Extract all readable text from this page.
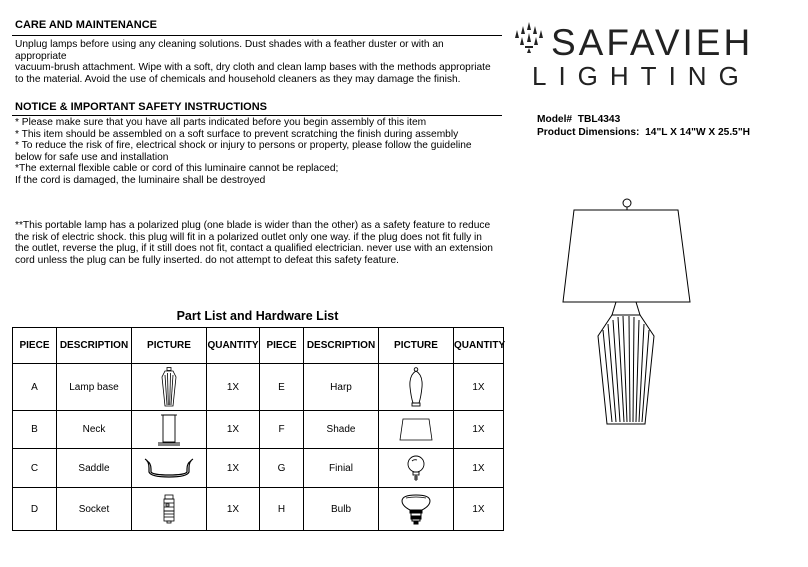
CARE AND MAINTENANCE
Unplug lamps before using any cleaning solutions. Dust shades with a feather duster or with an
appropriate
vacuum-brush attachment. Wipe with a soft, dry cloth and clean lamp bases with the methods appropriate
to the material. Avoid the use of chemicals and household cleaners as they may damage the finish.
NOTICE & IMPORTANT SAFETY INSTRUCTIONS
* Please make sure that you have all parts indicated before you begin assembly of this item
* This item should be assembled on a soft surface to prevent scratching the finish during assembly
* To reduce the risk of fire, electrical shock or injury to persons or property, please follow the guideline
below for safe use and installation
*The external flexible cable or cord of this luminaire cannot be replaced;
If the cord is damaged, the luminaire shall be destroyed
**This portable lamp has a polarized plug (one blade is wider than the other) as a safety feature to reduce
the risk of electric shock. this plug will fit in a polarized outlet only one way. if the plug does not fit fully in
the outlet, reverse the plug, if it still does not fit, contact a qualified electrician. never use with an extension
cord unless the plug can be fully inserted. do not attempt to defeat this safety feature.
SAFAVIEH
LIGHTING
Model# TBL4343
Product Dimensions: 14"L X 14"W X 25.5"H
Part List and Hardware List
PIECE	DESCRIPTION	PICTURE	QUANTITY	PIECE	DESCRIPTION	PICTURE	QUANTITY
A	Lamp base		1X	E	Harp		1X
B	Neck		1X	F	Shade		1X
C	Saddle		1X	G	Finial		1X
D	Socket		1X	H	Bulb		1X
